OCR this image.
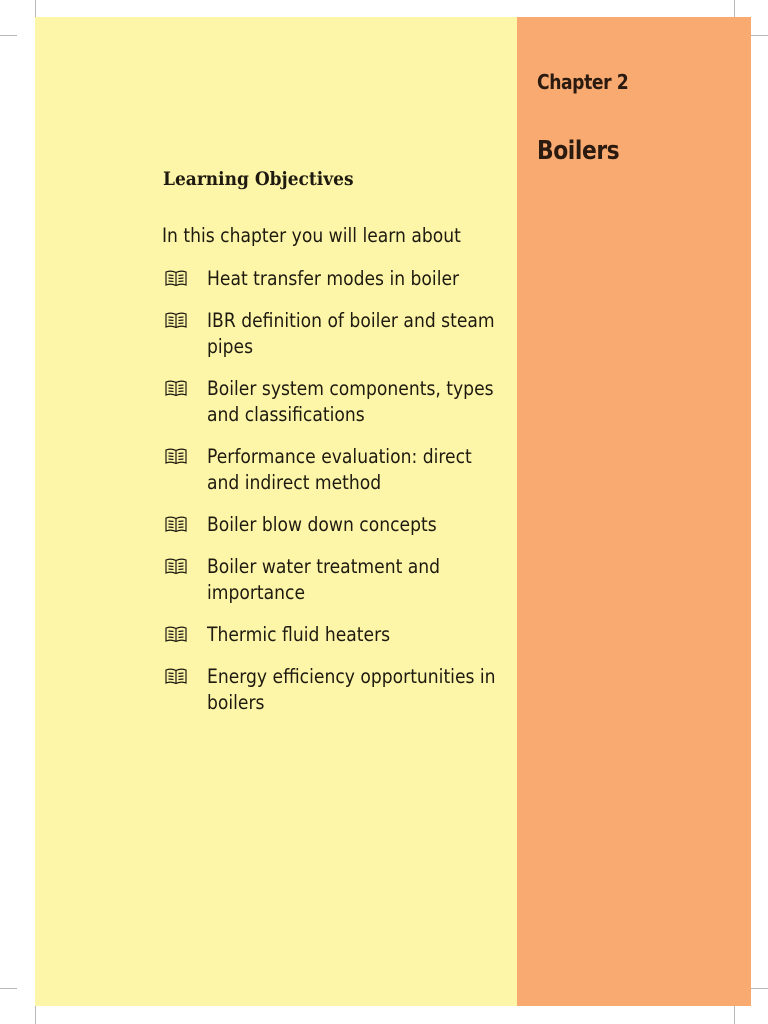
Chapter 2
Boilers
Learning Objectives
In this chapter you will learn about
Heat transfer modes in boiler
IBR definition of boiler and steam pipes
Boiler system components, types and classifications
Performance evaluation: direct and indirect method
Boiler blow down concepts
Boiler water treatment and importance
Thermic fluid heaters
Energy efficiency opportunities in boilers
